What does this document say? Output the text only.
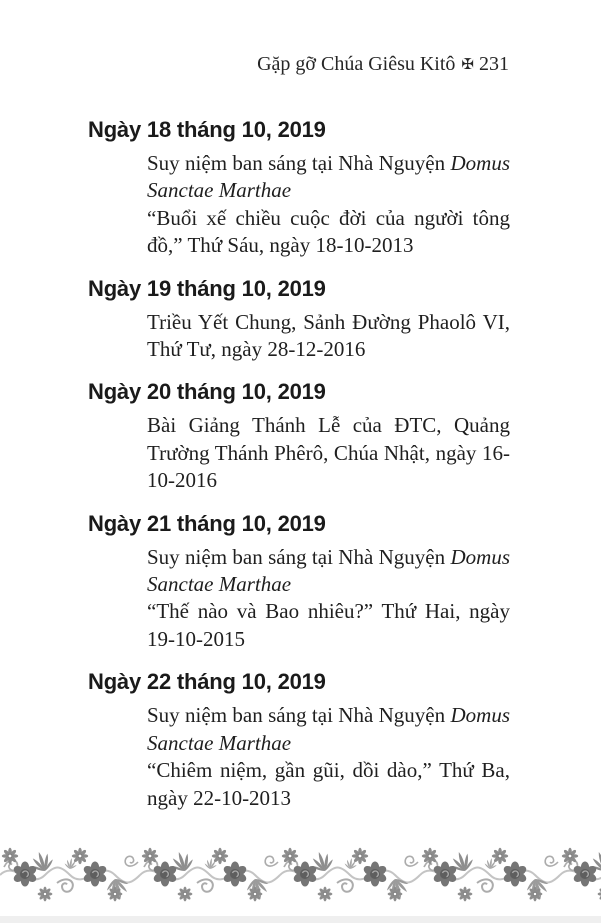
Gặp gỡ Chúa Giêsu Kitô ✠ 231
Ngày 18 tháng 10, 2019

Suy niệm ban sáng tại Nhà Nguyện Domus Sanctae Marthae

“Buổi xế chiều cuộc đời của người tông đồ,” Thứ Sáu, ngày 18-10-2013

Ngày 19 tháng 10, 2019

Triều Yết Chung, Sảnh Đường Phaolô VI, Thứ Tư, ngày 28-12-2016

Ngày 20 tháng 10, 2019

Bài Giảng Thánh Lễ của ĐTC, Quảng Trường Thánh Phêrô, Chúa Nhật, ngày 16-10-2016

Ngày 21 tháng 10, 2019

Suy niệm ban sáng tại Nhà Nguyện Domus Sanctae Marthae

“Thế nào và Bao nhiêu?” Thứ Hai, ngày 19-10-2015

Ngày 22 tháng 10, 2019

Suy niệm ban sáng tại Nhà Nguyện Domus Sanctae Marthae

“Chiêm niệm, gần gũi, dồi dào,” Thứ Ba, ngày 22-10-2013
